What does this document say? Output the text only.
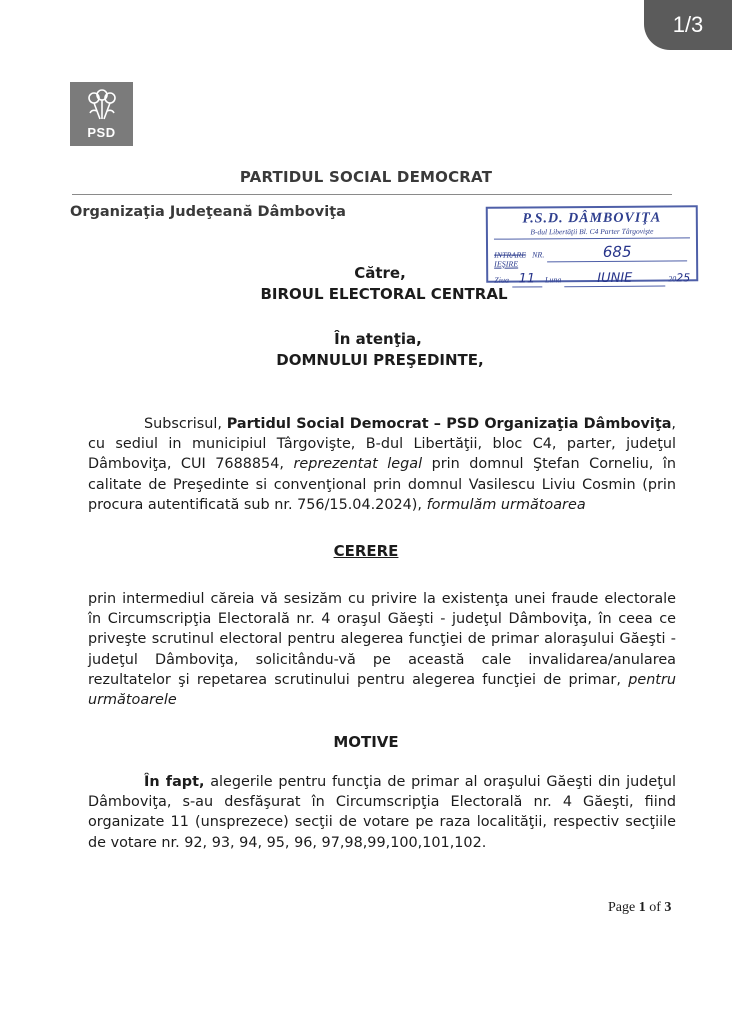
1/3
PSD
PARTIDUL SOCIAL DEMOCRAT
Organizaţia Judeţeană Dâmboviţa	P.S.D. DÂMBOVIŢA
B-dul Libertăţii Bl. C4 Parter Târgovişte
INTRARE
IEŞIRE
NR.	685
Ziua 11	Luna	IUNIE	20 25
Către,
BIROUL ELECTORAL CENTRAL
În atenţia,
DOMNULUI PREŞEDINTE,
Subscrisul, Partidul Social Democrat – PSD Organizaţia Dâmboviţa, cu sediul in municipiul Târgovişte, B-dul Libertăţii, bloc C4, parter, judeţul Dâmboviţa, CUI 7688854, reprezentat legal prin domnul Ştefan Corneliu, în calitate de Preşedinte si convenţional prin domnul Vasilescu Liviu Cosmin (prin procura autentificată sub nr. 756/15.04.2024), formulăm următoarea
CERERE
prin intermediul căreia vă sesizăm cu privire la existenţa unei fraude electorale în Circumscripţia Electorală nr. 4 oraşul Găeşti - judeţul Dâmboviţa, în ceea ce priveşte scrutinul electoral pentru alegerea funcţiei de primar aloraşului Găeşti - judeţul Dâmboviţa, solicitându-vă pe această cale invalidarea/anularea rezultatelor şi repetarea scrutinului pentru alegerea funcţiei de primar, pentru următoarele
MOTIVE
În fapt, alegerile pentru funcţia de primar al oraşului Găeşti din judeţul Dâmboviţa, s-au desfăşurat în Circumscripţia Electorală nr. 4 Găeşti, fiind organizate 11 (unsprezece) secţii de votare pe raza localităţii, respectiv secţiile de votare nr. 92, 93, 94, 95, 96, 97,98,99,100,101,102.
Page 1 of 3
